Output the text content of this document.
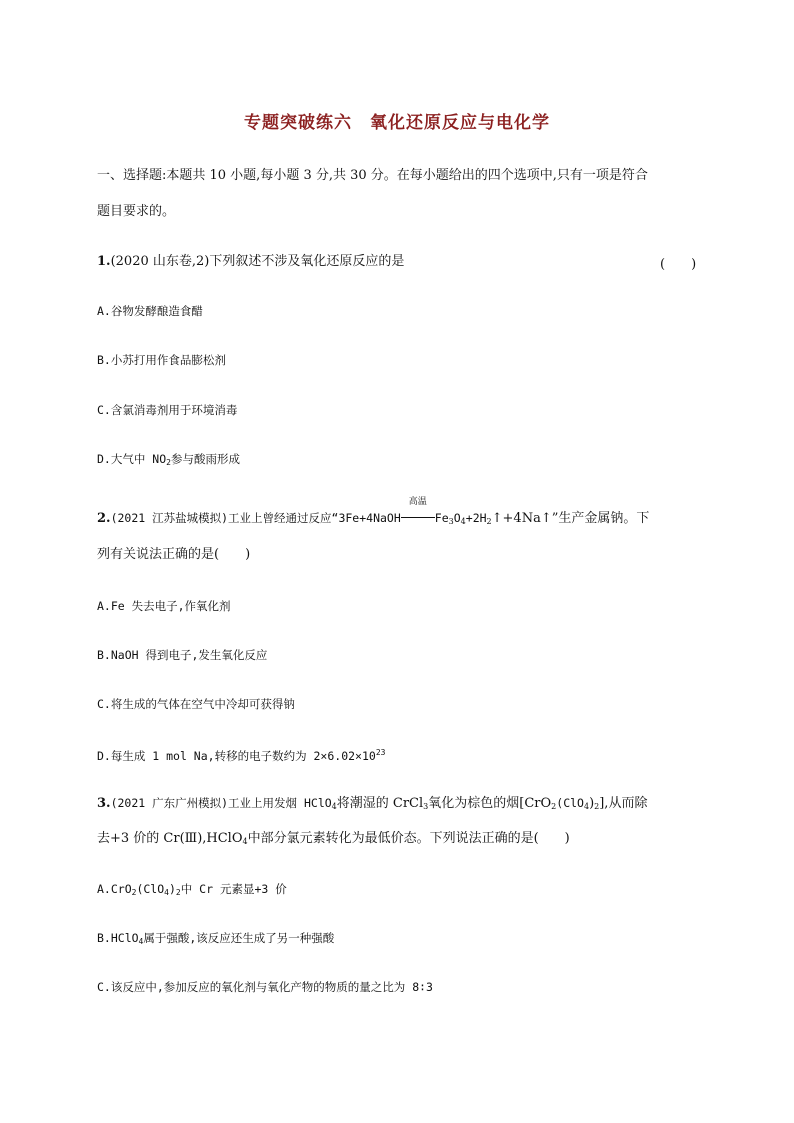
专题突破练六　氧化还原反应与电化学
一、选择题:本题共 10 小题,每小题 3 分,共 30 分。在每小题给出的四个选项中,只有一项是符合
题目要求的。
1.(2020 山东卷,2)下列叙述不涉及氧化还原反应的是	(　　)
A.谷物发酵酿造食醋
B.小苏打用作食品膨松剂
C.含氯消毒剂用于环境消毒
D.大气中 $NO_2$参与酸雨形成
2.(2021 江苏盐城模拟)工业上曾经通过反应“3Fe+4NaOH
高温
$Fe_3O_4+2H_2↑+4Na↑$”生产金属钠。下
列有关说法正确的是(　　)
A.Fe 失去电子,作氧化剂
B.NaOH 得到电子,发生氧化反应
C.将生成的气体在空气中冷却可获得钠
D.每生成 1 mol Na,转移的电子数约为 $2\times 6.02\times 10^{23}$
3.(2021 广东广州模拟)工业上用发烟 HClO$_4$将潮湿的 CrCl$_3$氧化为棕色的烟$[CrO_2(ClO_4)_2]$,从而除
去+3 价的 Cr(Ⅲ),HClO$_4$中部分氯元素转化为最低价态。下列说法正确的是(　　)
$A.CrO_2(ClO_4)_2$中 Cr 元素显+3 价
B.HClO$_4$属于强酸,该反应还生成了另一种强酸
C.该反应中,参加反应的氧化剂与氧化产物的物质的量之比为 8∶3
